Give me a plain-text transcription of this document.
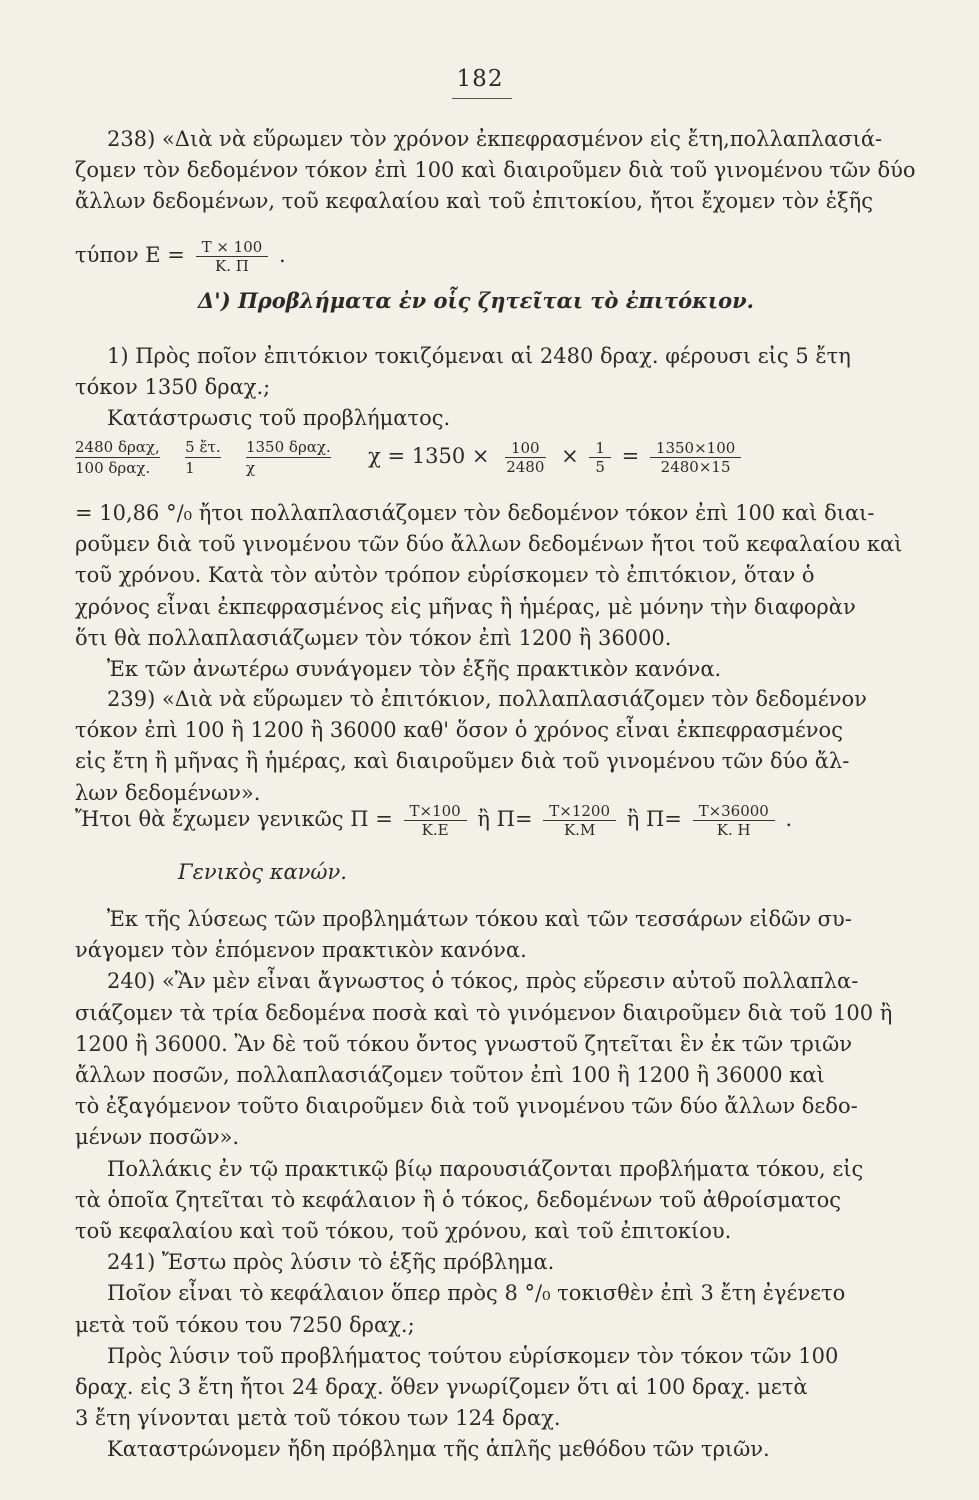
182
238) «Διὰ νὰ εὕρωμεν τὸν χρόνον ἐκπεφρασμένον εἰς ἔτη,πολλαπλασιά-
ζομεν τὸν δεδομένον τόκον ἐπὶ 100 καὶ διαιροῦμεν διὰ τοῦ γινομένου τῶν δύο
ἄλλων δεδομένων, τοῦ κεφαλαίου καὶ τοῦ ἐπιτοκίου, ἤτοι ἔχομεν τὸν ἑξῆς
τύπον $E = \frac{T \times 100}{K. \Pi}$ .
Δ') Προβλήματα ἐν οἷς ζητεῖται τὸ ἐπιτόκιον.
1) Πρὸς ποῖον ἐπιτόκιον τοκιζόμεναι αἱ 2480 δραχ. φέρουσι εἰς 5 ἔτη
τόκον 1350 δραχ.;
Κατάστρωσις τοῦ προβλήματος.
2480 δραχ,
100 δραχ.
	$\frac{\text{5 ἔτ.}}{1}$
1350 δραχ.
χ	$\chi = 1350 \times \frac{100}{2480} \times \frac{1}{5} = \frac{1350\times 100}{2480\times 15}$
= 10,86 °/₀ ἤτοι πολλαπλασιάζομεν τὸν δεδομένον τόκον ἐπὶ 100 καὶ διαι-
ροῦμεν διὰ τοῦ γινομένου τῶν δύο ἄλλων δεδομένων ἤτοι τοῦ κεφαλαίου καὶ
τοῦ χρόνου. Κατὰ τὸν αὐτὸν τρόπον εὑρίσκομεν τὸ ἐπιτόκιον, ὅταν ὁ
χρόνος εἶναι ἐκπεφρασμένος εἰς μῆνας ἢ ἡμέρας, μὲ μόνην τὴν διαφορὰν
ὅτι θὰ πολλαπλασιάζωμεν τὸν τόκον ἐπὶ 1200 ἢ 36000.
Ἐκ τῶν ἀνωτέρω συνάγομεν τὸν ἑξῆς πρακτικὸν κανόνα.
239) «Διὰ νὰ εὕρωμεν τὸ ἐπιτόκιον, πολλαπλασιάζομεν τὸν δεδομένον
τόκον ἐπὶ 100 ἢ 1200 ἢ 36000 καθ' ὅσον ὁ χρόνος εἶναι ἐκπεφρασμένος
εἰς ἔτη ἢ μῆνας ἢ ἡμέρας, καὶ διαιροῦμεν διὰ τοῦ γινομένου τῶν δύο ἄλ-
λων δεδομένων».
Ἤτοι θὰ ἔχωμεν γενικῶς $\Pi = \frac{T\times 100}{K.E}$ ἢ $\Pi= \frac{T\times 1200}{K.M}$ ἢ $\Pi= \frac{T\times 36000}{K. H}$ .
Γενικὸς κανών.
Ἐκ τῆς λύσεως τῶν προβλημάτων τόκου καὶ τῶν τεσσάρων εἰδῶν συ-
νάγομεν τὸν ἑπόμενον πρακτικὸν κανόνα.
240) «Ἂν μὲν εἶναι ἄγνωστος ὁ τόκος, πρὸς εὕρεσιν αὐτοῦ πολλαπλα-
σιάζομεν τὰ τρία δεδομένα ποσὰ καὶ τὸ γινόμενον διαιροῦμεν διὰ τοῦ 100 ἢ
1200 ἢ 36000. Ἂν δὲ τοῦ τόκου ὄντος γνωστοῦ ζητεῖται ἓν ἐκ τῶν τριῶν
ἄλλων ποσῶν, πολλαπλασιάζομεν τοῦτον ἐπὶ 100 ἢ 1200 ἢ 36000 καὶ
τὸ ἐξαγόμενον τοῦτο διαιροῦμεν διὰ τοῦ γινομένου τῶν δύο ἄλλων δεδο-
μένων ποσῶν».
Πολλάκις ἐν τῷ πρακτικῷ βίῳ παρουσιάζονται προβλήματα τόκου, εἰς
τὰ ὁποῖα ζητεῖται τὸ κεφάλαιον ἢ ὁ τόκος, δεδομένων τοῦ ἀθροίσματος
τοῦ κεφαλαίου καὶ τοῦ τόκου, τοῦ χρόνου, καὶ τοῦ ἐπιτοκίου.
241) Ἔστω πρὸς λύσιν τὸ ἑξῆς πρόβλημα.
Ποῖον εἶναι τὸ κεφάλαιον ὅπερ πρὸς 8 °/₀ τοκισθὲν ἐπὶ 3 ἔτη ἐγένετο
μετὰ τοῦ τόκου του 7250 δραχ.;
Πρὸς λύσιν τοῦ προβλήματος τούτου εὑρίσκομεν τὸν τόκον τῶν 100
δραχ. εἰς 3 ἔτη ἤτοι 24 δραχ. ὅθεν γνωρίζομεν ὅτι αἱ 100 δραχ. μετὰ
3 ἔτη γίνονται μετὰ τοῦ τόκου των 124 δραχ.
Καταστρώνομεν ἤδη πρόβλημα τῆς ἁπλῆς μεθόδου τῶν τριῶν.
